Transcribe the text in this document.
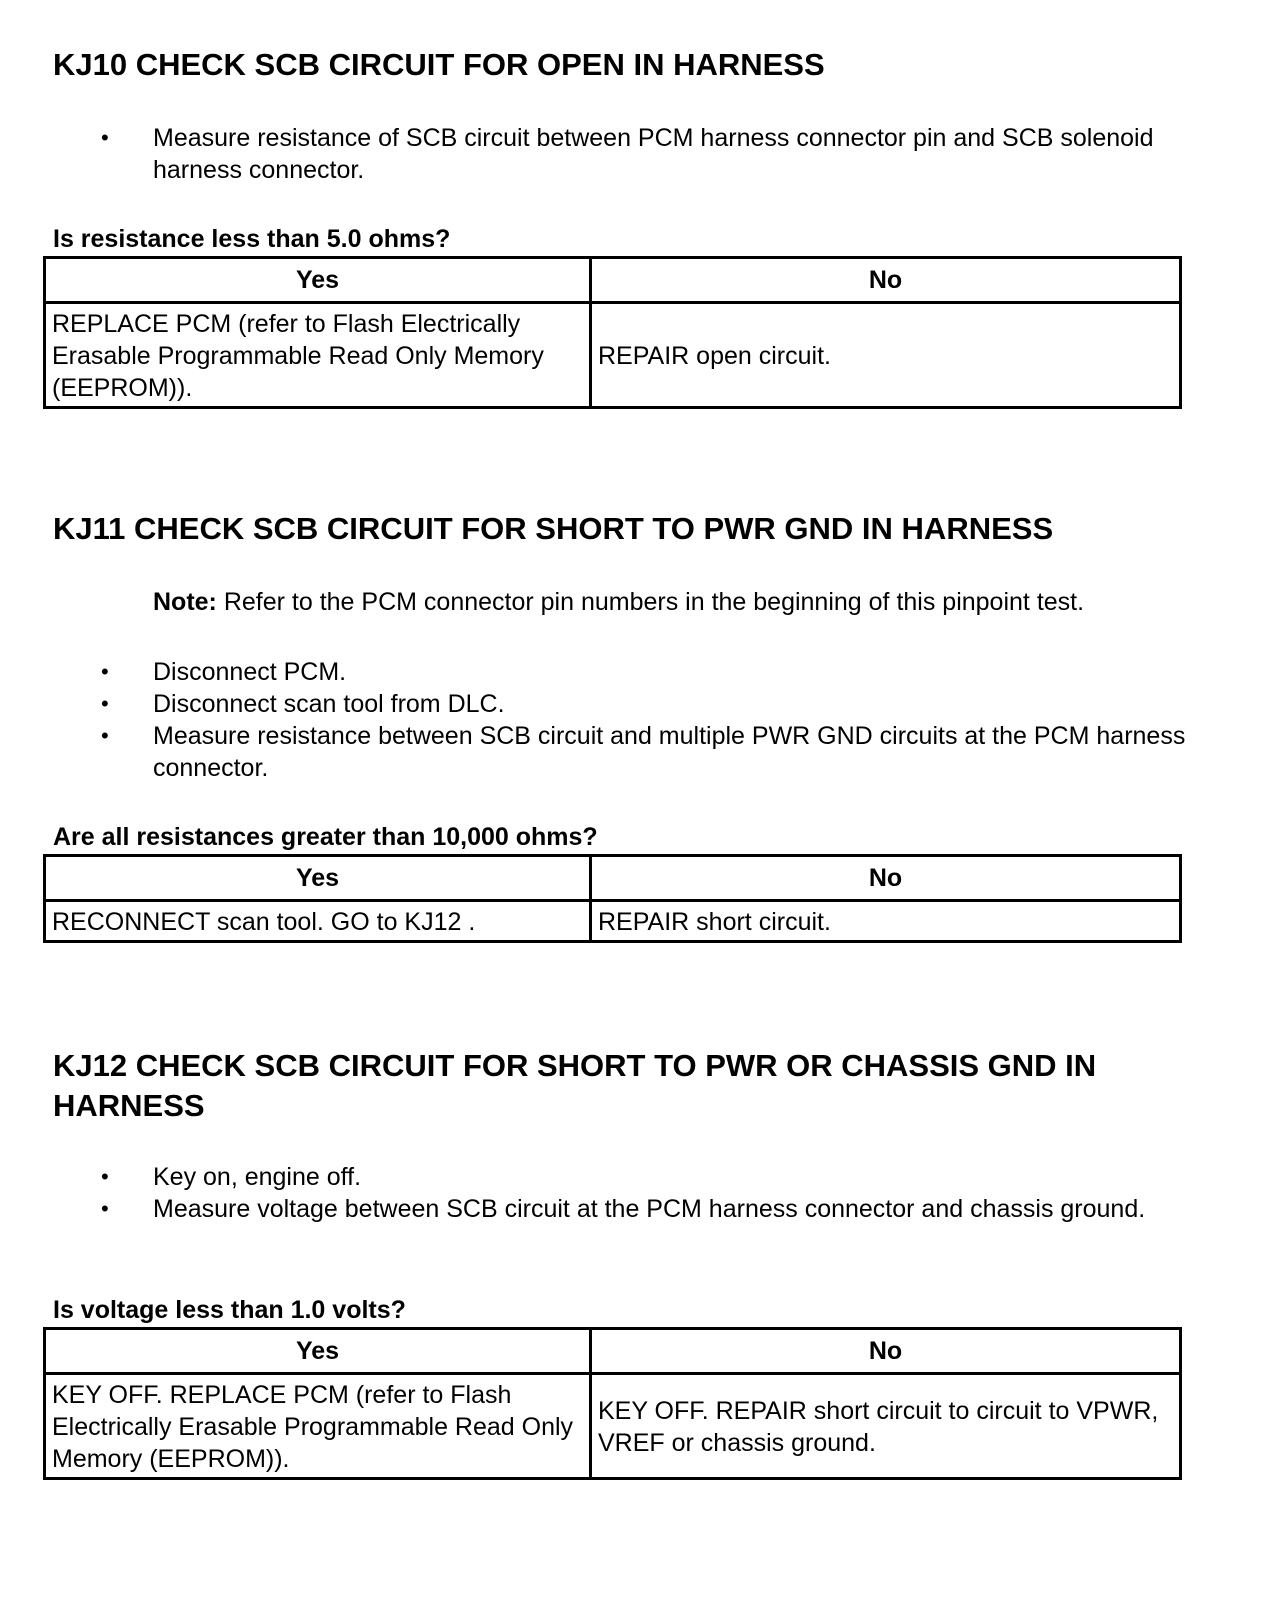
KJ10 CHECK SCB CIRCUIT FOR OPEN IN HARNESS
• Measure resistance of SCB circuit between PCM harness connector pin and SCB solenoid harness connector.

Is resistance less than 5.0 ohms?

Yes	No
REPLACE PCM (refer to Flash Electrically Erasable Programmable Read Only Memory (EEPROM)).	REPAIR open circuit.
KJ11 CHECK SCB CIRCUIT FOR SHORT TO PWR GND IN HARNESS

Note: Refer to the PCM connector pin numbers in the beginning of this pinpoint test.

• Disconnect PCM.
• Disconnect scan tool from DLC.
• Measure resistance between SCB circuit and multiple PWR GND circuits at the PCM harness connector.

Are all resistances greater than 10,000 ohms?

Yes	No
RECONNECT scan tool. GO to KJ12 .	REPAIR short circuit.
KJ12 CHECK SCB CIRCUIT FOR SHORT TO PWR OR CHASSIS GND IN HARNESS
• Key on, engine off.
• Measure voltage between SCB circuit at the PCM harness connector and chassis ground.

Is voltage less than 1.0 volts?

Yes	No
KEY OFF. REPLACE PCM (refer to Flash Electrically Erasable Programmable Read Only Memory (EEPROM)).	KEY OFF. REPAIR short circuit to circuit to VPWR, VREF or chassis ground.
